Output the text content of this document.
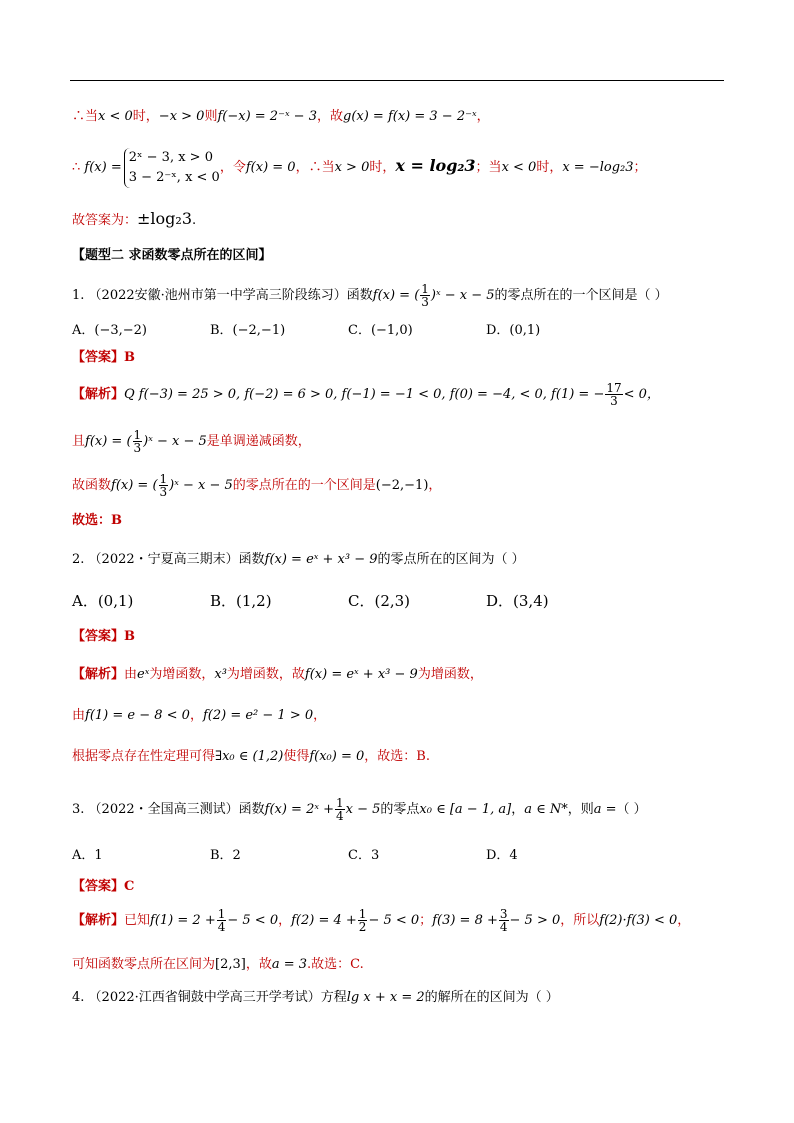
∴当x < 0时，−x > 0则f(−x) = 2⁻ˣ − 3，故g(x) = f(x) = 3 − 2⁻ˣ，
∴ f(x) =
2ˣ − 3, x > 0
3 − 2⁻ˣ, x < 0
，令f(x) = 0，∴当x > 0时，x = log₂3；当x < 0时，x = −log₂3；
故答案为：±log₂3.
【题型二 求函数零点所在的区间】
1. （2022安徽·池州市第一中学高三阶段练习）函数f(x) = ( $\frac{1}{3}$ )ˣ − x − 5的零点所在的一个区间是（ ）
A．(−3,−2)	B．(−2,−1)	C．(−1,0)	D．(0,1)
【答案】B
【解析】Q f(−3) = 25 > 0, f(−2) = 6 > 0, f(−1) = −1 < 0, f(0) = −4, < 0, f(1) = − $\frac{17}{3} < 0$，
且f(x) = ( $\frac{1}{3}$ )ˣ − x − 5是单调递减函数，
故函数f(x) = ( $\frac{1}{3}$ )ˣ − x − 5的零点所在的一个区间是(−2,−1)，
故选：B
2. （2022・宁夏高三期末）函数f(x) = eˣ + x³ − 9的零点所在的区间为（ ）
A．(0,1)	B．(1,2)	C．(2,3)	D．(3,4)
【答案】B
【解析】由eˣ为增函数，x³为增函数，故f(x) = eˣ + x³ − 9为增函数，
由f(1) = e − 8 < 0，f(2) = e² − 1 > 0，
根据零点存在性定理可得∃x₀ ∈ (1,2)使得f(x₀) = 0，故选：B.
3. （2022・全国高三测试）函数f(x) = 2ˣ + $\frac{1}{4}$ x − 5的零点x₀ ∈ [a − 1, a]，a ∈ N*，则a =（ ）
A．1	B．2	C．3	D．4
【答案】C
【解析】已知$f(1) = 2 + \frac{1}{4} - 5 < 0$，$f(2) = 4 + \frac{1}{2} - 5 < 0$；$f(3) = 8 + \frac{3}{4} - 5 > 0$，所以f(2)·f(3) < 0，
可知函数零点所在区间为[2,3]，故a = 3.故选：C.
4. （2022·江西省铜鼓中学高三开学考试）方程lg x + x = 2的解所在的区间为（ ）
